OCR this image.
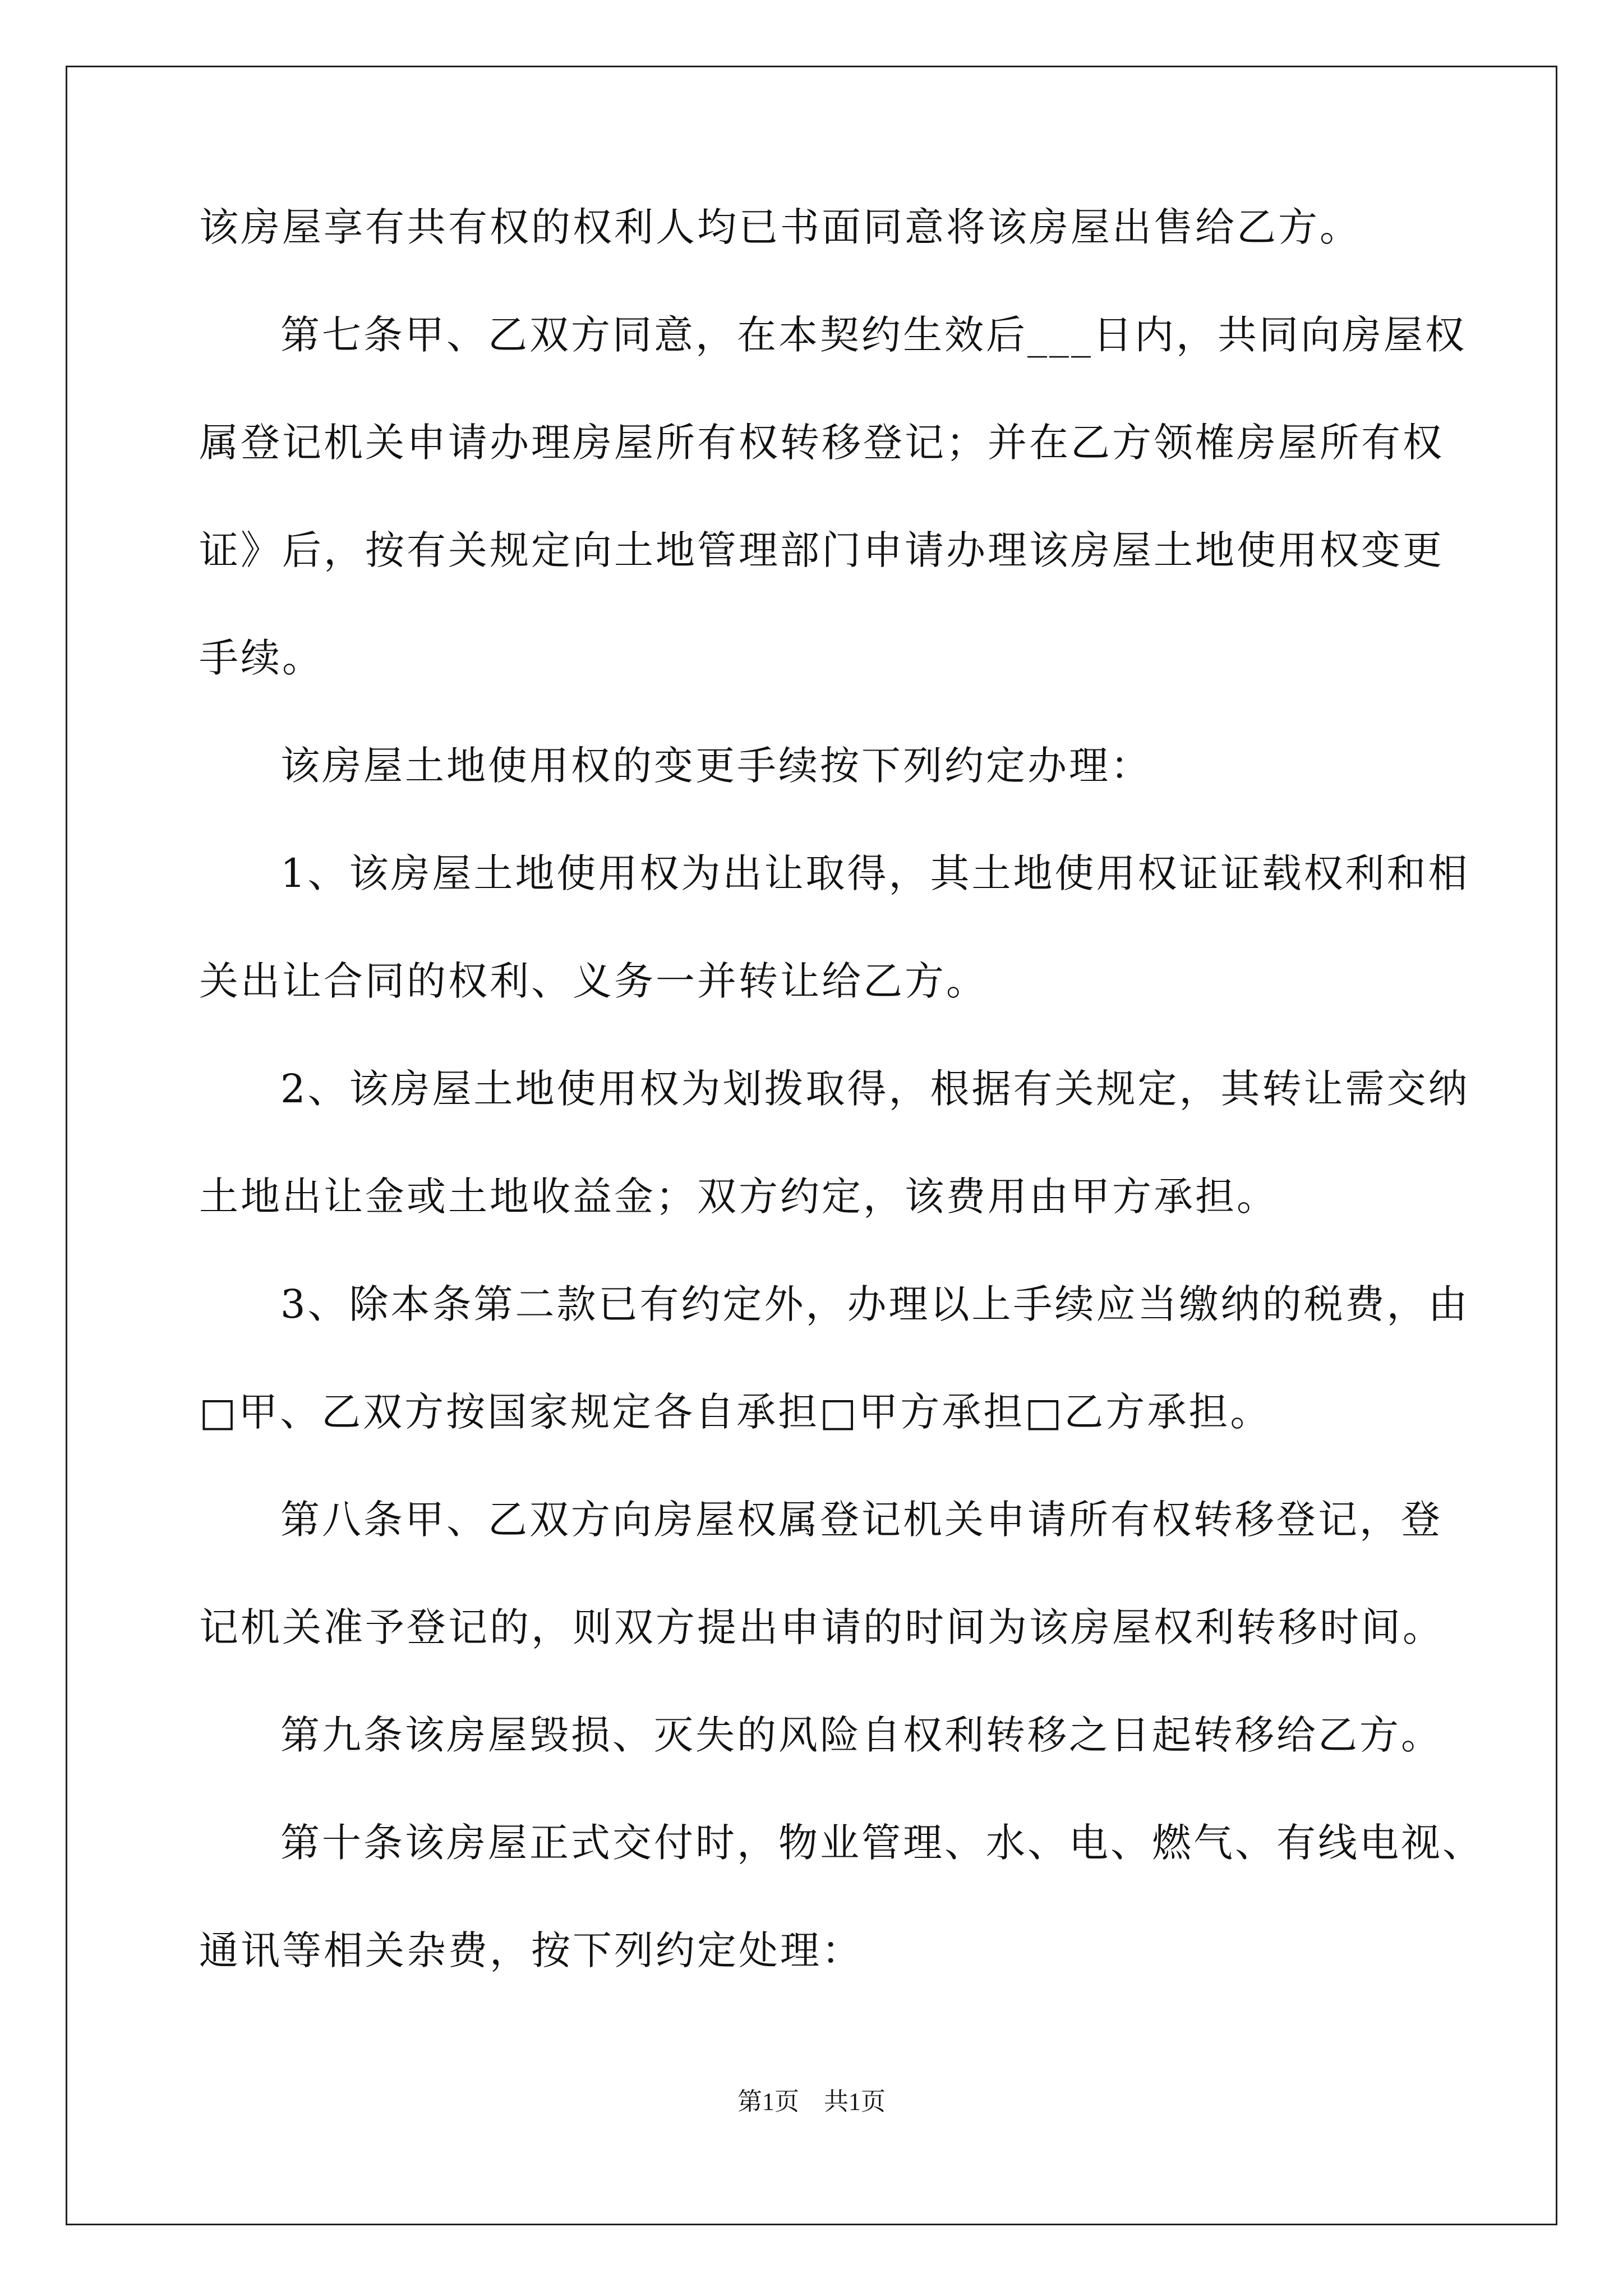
该房屋享有共有权的权利人均已书面同意将该房屋出售给乙方。
第七条甲、乙双方同意，在本契约生效后___日内，共同向房屋权
属登记机关申请办理房屋所有权转移登记；并在乙方领榷房屋所有权
证》后，按有关规定向土地管理部门申请办理该房屋土地使用权变更
手续。
该房屋土地使用权的变更手续按下列约定办理：
1、该房屋土地使用权为出让取得，其土地使用权证证载权利和相
关出让合同的权利、义务一并转让给乙方。
2、该房屋土地使用权为划拨取得，根据有关规定，其转让需交纳
土地出让金或土地收益金；双方约定，该费用由甲方承担。
3、除本条第二款已有约定外，办理以上手续应当缴纳的税费，由
□甲、乙双方按国家规定各自承担□甲方承担□乙方承担。
第八条甲、乙双方向房屋权属登记机关申请所有权转移登记，登
记机关准予登记的，则双方提出申请的时间为该房屋权利转移时间。
第九条该房屋毁损、灭失的风险自权利转移之日起转移给乙方。
第十条该房屋正式交付时，物业管理、水、电、燃气、有线电视、
通讯等相关杂费，按下列约定处理：
第1页　共1页
